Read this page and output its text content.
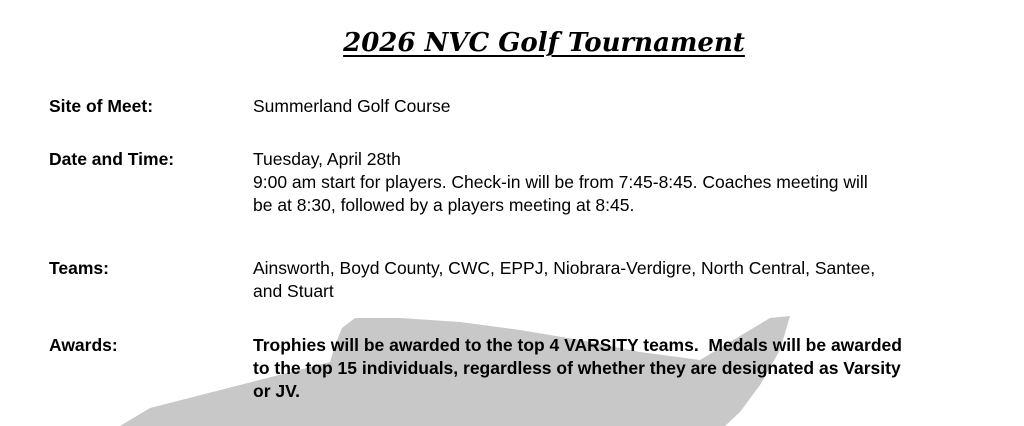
2026 NVC Golf Tournament
Site of Meet:	Summerland Golf Course
Date and Time:	Tuesday, April 28th
9:00 am start for players. Check-in will be from 7:45-8:45. Coaches meeting will
be at 8:30, followed by a players meeting at 8:45.
Teams:	Ainsworth, Boyd County, CWC, EPPJ, Niobrara-Verdigre, North Central, Santee,
and Stuart
Awards:	Trophies will be awarded to the top 4 VARSITY teams.  Medals will be awarded
to the top 15 individuals, regardless of whether they are designated as Varsity
or JV.
